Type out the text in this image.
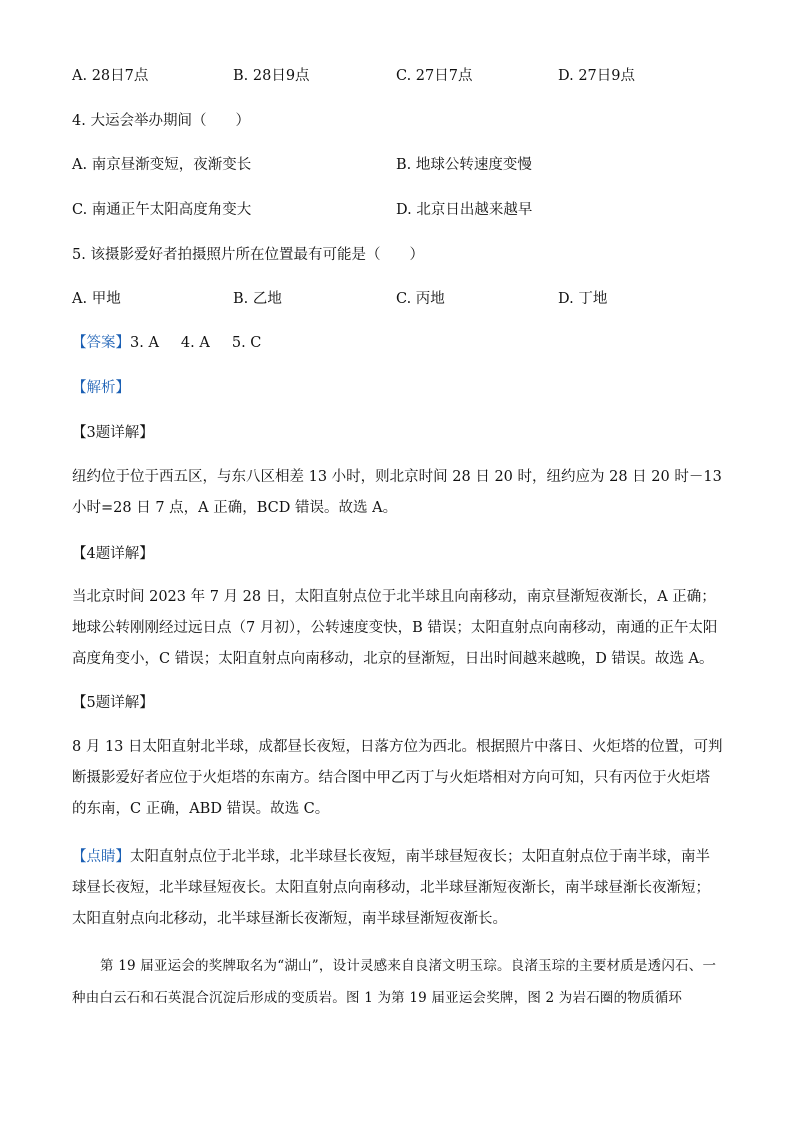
A. 28日7点	B. 28日9点	C. 27日7点	D. 27日9点
4. 大运会举办期间（　　）
A. 南京昼渐变短，夜渐变长	B. 地球公转速度变慢
C. 南通正午太阳高度角变大	D. 北京日出越来越早
5. 该摄影爱好者拍摄照片所在位置最有可能是（　　）
A. 甲地	B. 乙地	C. 丙地	D. 丁地
【答案】3. A 4. A 5. C
【解析】
【3题详解】
纽约位于位于西五区，与东八区相差 13 小时，则北京时间 28 日 20 时，纽约应为 28 日 20 时－13 小时=28 日 7 点，A 正确，BCD 错误。故选 A。
【4题详解】
当北京时间 2023 年 7 月 28 日，太阳直射点位于北半球且向南移动，南京昼渐短夜渐长，A 正确；地球公转刚刚经过远日点（7 月初），公转速度变快，B 错误；太阳直射点向南移动，南通的正午太阳高度角变小，C 错误；太阳直射点向南移动，北京的昼渐短，日出时间越来越晚，D 错误。故选 A。
【5题详解】
8 月 13 日太阳直射北半球，成都昼长夜短，日落方位为西北。根据照片中落日、火炬塔的位置，可判断摄影爱好者应位于火炬塔的东南方。结合图中甲乙丙丁与火炬塔相对方向可知，只有丙位于火炬塔的东南，C 正确，ABD 错误。故选 C。
【点睛】太阳直射点位于北半球，北半球昼长夜短，南半球昼短夜长；太阳直射点位于南半球，南半球昼长夜短，北半球昼短夜长。太阳直射点向南移动，北半球昼渐短夜渐长，南半球昼渐长夜渐短；太阳直射点向北移动，北半球昼渐长夜渐短，南半球昼渐短夜渐长。
第 19 届亚运会的奖牌取名为“湖山”，设计灵感来自良渚文明玉琮。良渚玉琮的主要材质是透闪石、一种由白云石和石英混合沉淀后形成的变质岩。图 1 为第 19 届亚运会奖牌，图 2 为岩石圈的物质循环
